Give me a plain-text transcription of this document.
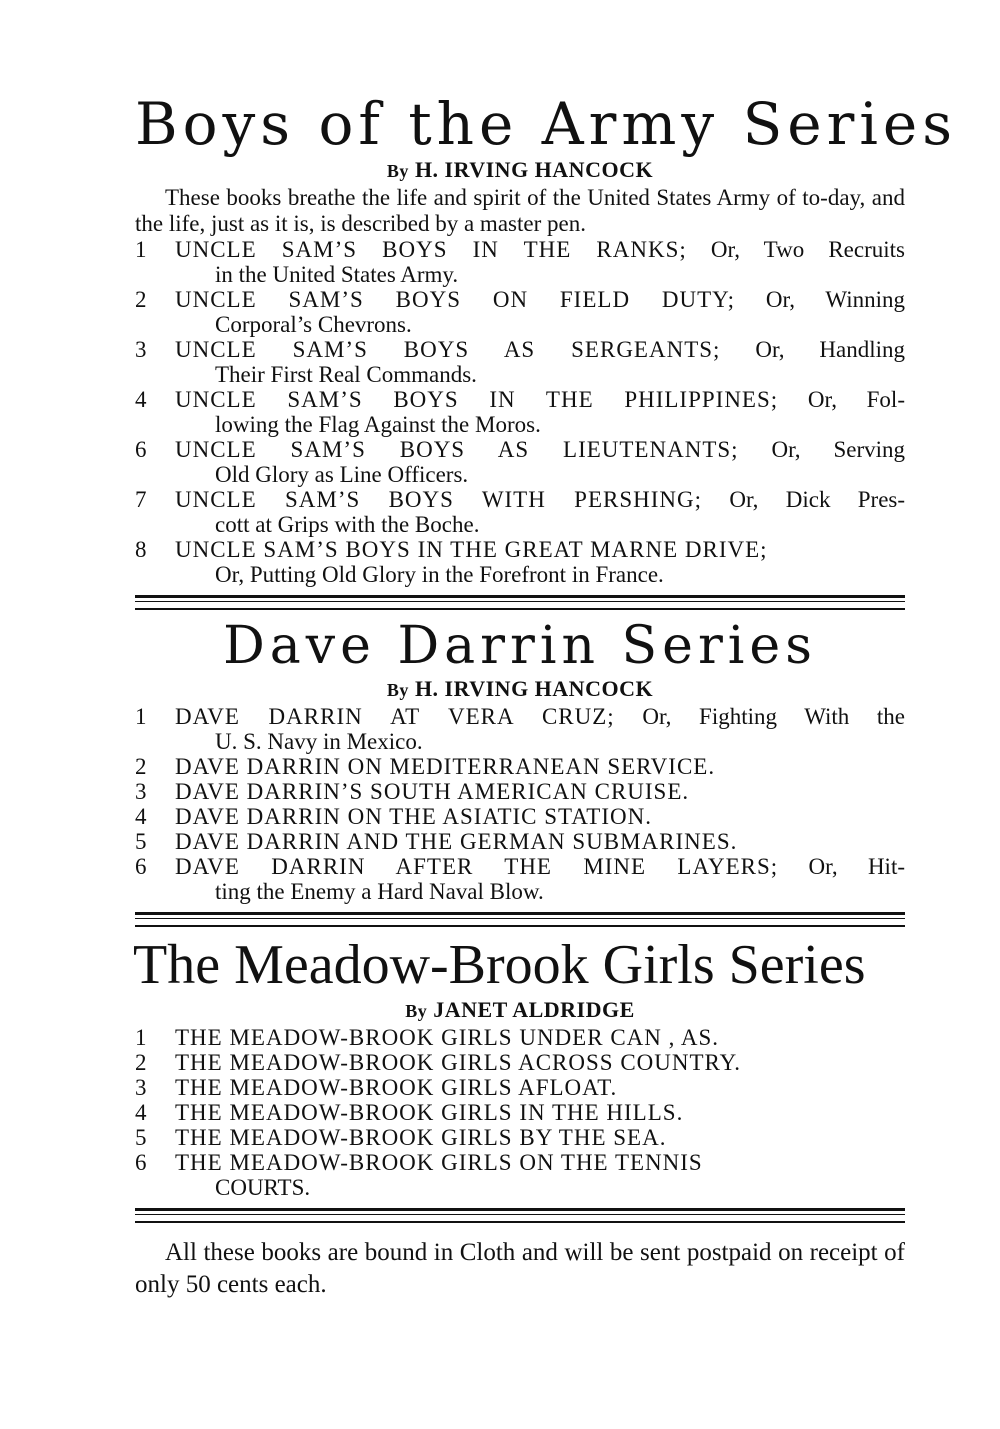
Boys of the Army Series
By H. IRVING HANCOCK

These books breathe the life and spirit of the United States Army of to-day, and the life, just as it is, is described by a master pen.

1	UNCLE SAM’S BOYS IN THE RANKS; Or, Two Recruits
in the United States Army.
2	UNCLE SAM’S BOYS ON FIELD DUTY; Or, Winning
Corporal’s Chevrons.
3	UNCLE SAM’S BOYS AS SERGEANTS; Or, Handling
Their First Real Commands.
4	UNCLE SAM’S BOYS IN THE PHILIPPINES; Or, Fol-
lowing the Flag Against the Moros.
6	UNCLE SAM’S BOYS AS LIEUTENANTS; Or, Serving
Old Glory as Line Officers.
7	UNCLE SAM’S BOYS WITH PERSHING; Or, Dick Pres-
cott at Grips with the Boche.
8	UNCLE SAM’S BOYS IN THE GREAT MARNE DRIVE;
Or, Putting Old Glory in the Forefront in France.
Dave Darrin Series
By H. IRVING HANCOCK
1	DAVE DARRIN AT VERA CRUZ; Or, Fighting With the
U. S. Navy in Mexico.
2	DAVE DARRIN ON MEDITERRANEAN SERVICE.
3	DAVE DARRIN’S SOUTH AMERICAN CRUISE.
4	DAVE DARRIN ON THE ASIATIC STATION.
5	DAVE DARRIN AND THE GERMAN SUBMARINES.
6	DAVE DARRIN AFTER THE MINE LAYERS; Or, Hit-
ting the Enemy a Hard Naval Blow.
The Meadow-Brook Girls Series
By JANET ALDRIDGE
1	THE MEADOW-BROOK GIRLS UNDER CAN , AS.
2	THE MEADOW-BROOK GIRLS ACROSS COUNTRY.
3	THE MEADOW-BROOK GIRLS AFLOAT.
4	THE MEADOW-BROOK GIRLS IN THE HILLS.
5	THE MEADOW-BROOK GIRLS BY THE SEA.
6	THE MEADOW-BROOK GIRLS ON THE TENNIS
COURTS.

All these books are bound in Cloth and will be sent postpaid on receipt of only 50 cents each.
